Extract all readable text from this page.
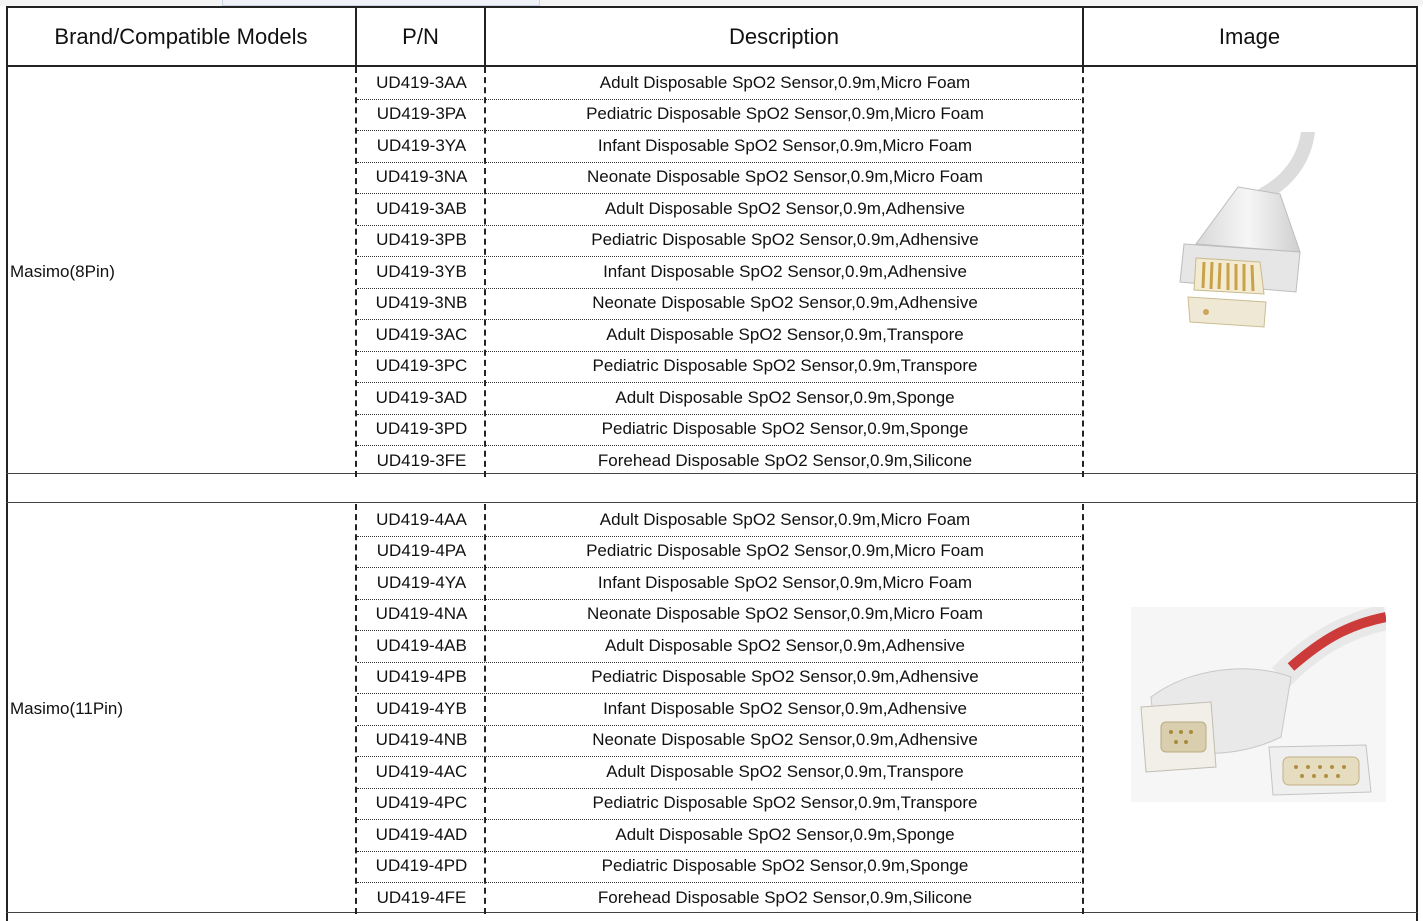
Brand/Compatible Models	P/N	Description	Image
Masimo(8Pin)
UD419-3AA	Adult Disposable SpO2 Sensor,0.9m,Micro Foam
UD419-3PA	Pediatric Disposable SpO2 Sensor,0.9m,Micro Foam
UD419-3YA	Infant Disposable SpO2 Sensor,0.9m,Micro Foam
UD419-3NA	Neonate Disposable SpO2 Sensor,0.9m,Micro Foam
UD419-3AB	Adult Disposable SpO2 Sensor,0.9m,Adhensive
UD419-3PB	Pediatric Disposable SpO2 Sensor,0.9m,Adhensive
UD419-3YB	Infant Disposable SpO2 Sensor,0.9m,Adhensive
UD419-3NB	Neonate Disposable SpO2 Sensor,0.9m,Adhensive
UD419-3AC	Adult Disposable SpO2 Sensor,0.9m,Transpore
UD419-3PC	Pediatric Disposable SpO2 Sensor,0.9m,Transpore
UD419-3AD	Adult Disposable SpO2 Sensor,0.9m,Sponge
UD419-3PD	Pediatric Disposable SpO2 Sensor,0.9m,Sponge
UD419-3FE	Forehead Disposable SpO2 Sensor,0.9m,Silicone
Masimo(11Pin)
UD419-4AA	Adult Disposable SpO2 Sensor,0.9m,Micro Foam
UD419-4PA	Pediatric Disposable SpO2 Sensor,0.9m,Micro Foam
UD419-4YA	Infant Disposable SpO2 Sensor,0.9m,Micro Foam
UD419-4NA	Neonate Disposable SpO2 Sensor,0.9m,Micro Foam
UD419-4AB	Adult Disposable SpO2 Sensor,0.9m,Adhensive
UD419-4PB	Pediatric Disposable SpO2 Sensor,0.9m,Adhensive
UD419-4YB	Infant Disposable SpO2 Sensor,0.9m,Adhensive
UD419-4NB	Neonate Disposable SpO2 Sensor,0.9m,Adhensive
UD419-4AC	Adult Disposable SpO2 Sensor,0.9m,Transpore
UD419-4PC	Pediatric Disposable SpO2 Sensor,0.9m,Transpore
UD419-4AD	Adult Disposable SpO2 Sensor,0.9m,Sponge
UD419-4PD	Pediatric Disposable SpO2 Sensor,0.9m,Sponge
UD419-4FE	Forehead Disposable SpO2 Sensor,0.9m,Silicone
